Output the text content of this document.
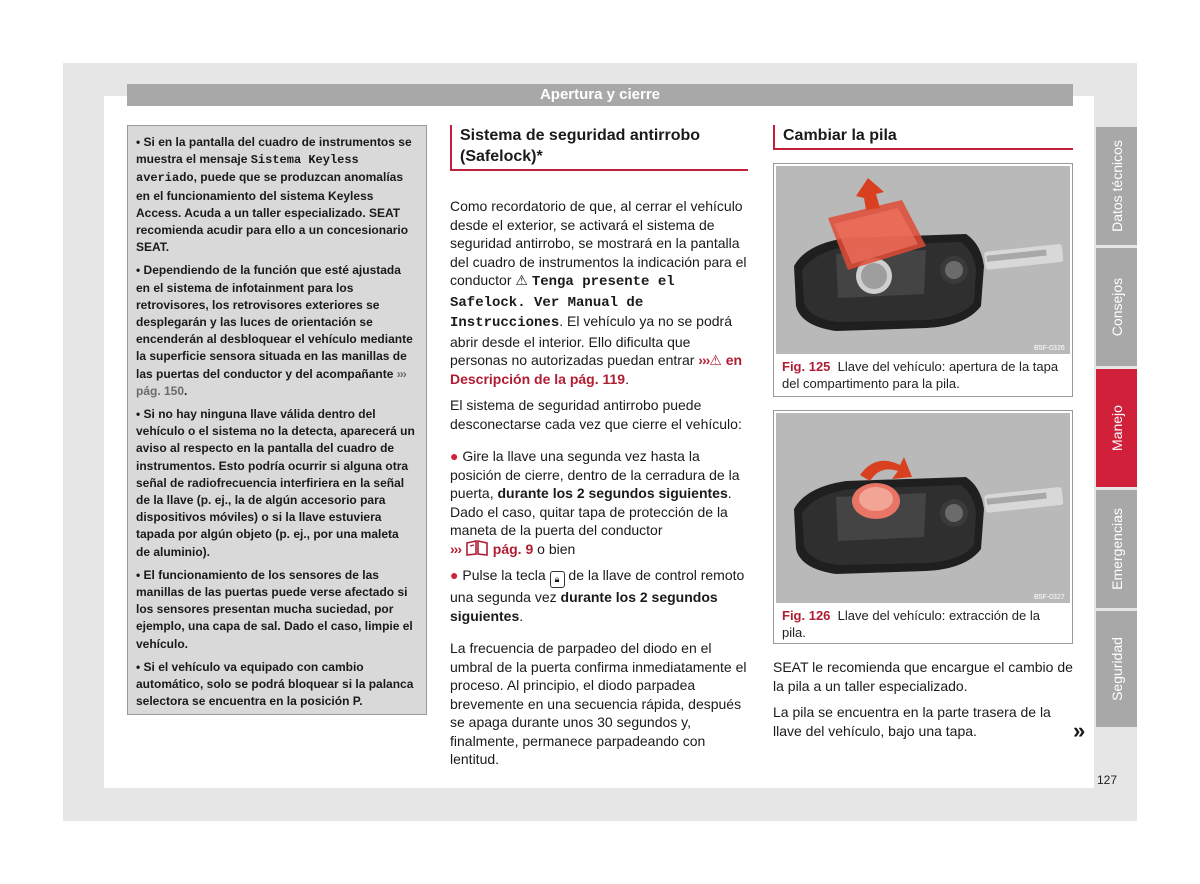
Apertura y cierre
Datos técnicos
Consejos
Manejo
Emergencias
Seguridad
127

• Si en la pantalla del cuadro de instrumentos se muestra el mensaje Sistema Keyless averiado, puede que se produzcan anomalías en el funcionamiento del sistema Keyless Access. Acuda a un taller especializado. SEAT recomienda acudir para ello a un concesionario SEAT.

• Dependiendo de la función que esté ajustada en el sistema de infotainment para los retrovisores, los retrovisores exteriores se desplegarán y las luces de orientación se encenderán al desbloquear el vehículo mediante la superficie sensora situada en las manillas de las puertas del conductor y del acompañante ››› pág. 150.

• Si no hay ninguna llave válida dentro del vehículo o el sistema no la detecta, aparecerá un aviso al respecto en la pantalla del cuadro de instrumentos. Esto podría ocurrir si alguna otra señal de radiofrecuencia interfiriera en la señal de la llave (p. ej., la de algún accesorio para dispositivos móviles) o si la llave estuviera tapada por algún objeto (p. ej., por una maleta de aluminio).

• El funcionamiento de los sensores de las manillas de las puertas puede verse afectado si los sensores presentan mucha suciedad, por ejemplo, una capa de sal. Dado el caso, limpie el vehículo.

• Si el vehículo va equipado con cambio automático, solo se podrá bloquear si la palanca selectora se encuentra en la posición P.

Sistema de seguridad antirrobo (Safelock)*

Como recordatorio de que, al cerrar el vehículo desde el exterior, se activará el sistema de seguridad antirrobo, se mostrará en la pantalla del cuadro de instrumentos la indicación para el conductor ⚠ Tenga presente el Safelock. Ver Manual de Instrucciones. El vehículo ya no se podrá abrir desde el interior. Ello dificulta que personas no autorizadas puedan entrar ›››⚠ en Descripción de la pág. 119.

El sistema de seguridad antirrobo puede desconectarse cada vez que cierre el vehículo:

● Gire la llave una segunda vez hasta la posición de cierre, dentro de la cerradura de la puerta, durante los 2 segundos siguientes. Dado el caso, quitar tapa de protección de la maneta de la puerta del conductor
››› pág. 9 o bien

● Pulse la tecla 🔒︎ de la llave de control remoto una segunda vez durante los 2 segundos siguientes.

La frecuencia de parpadeo del diodo en el umbral de la puerta confirma inmediatamente el proceso. Al principio, el diodo parpadea brevemente en una secuencia rápida, después se apaga durante unos 30 segundos y, finalmente, permanece parpadeando con lentitud.

Cambiar la pila
B5F-0326
Fig. 125 Llave del vehículo: apertura de la tapa del compartimento para la pila.
B5F-0327
Fig. 126 Llave del vehículo: extracción de la pila.

SEAT le recomienda que encargue el cambio de la pila a un taller especializado.

La pila se encuentra en la parte trasera de la llave del vehículo, bajo una tapa.	»
